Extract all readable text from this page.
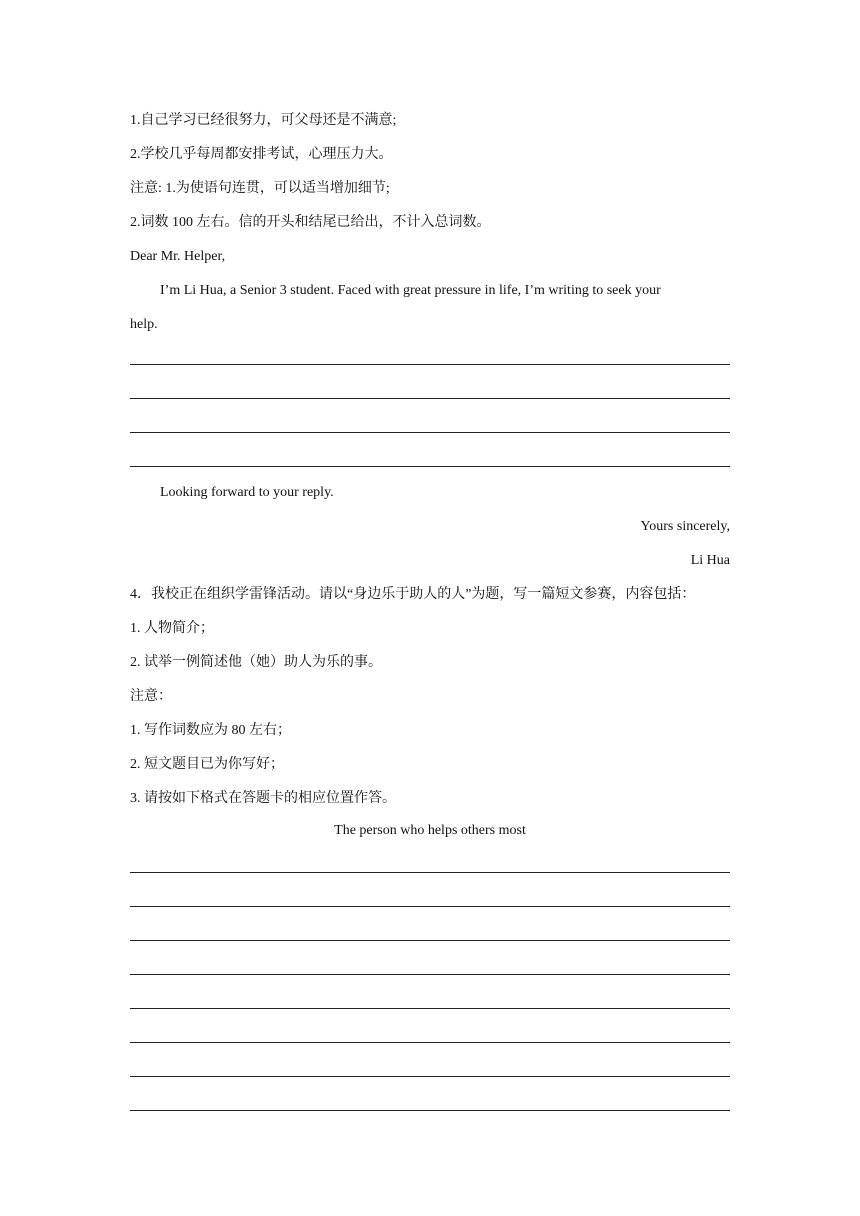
1.自己学习已经很努力，可父母还是不满意;
2.学校几乎每周都安排考试，心理压力大。
注意: 1.为使语句连贯，可以适当增加细节;
2.词数 100 左右。信的开头和结尾已给出，不计入总词数。
Dear Mr. Helper,
I’m Li Hua, a Senior 3 student. Faced with great pressure in life, I’m writing to seek your
help.
Looking forward to your reply.
Yours sincerely,
Li Hua
4．我校正在组织学雷锋活动。请以“身边乐于助人的人”为题，写一篇短文参赛，内容包括：
1. 人物简介；
2. 试举一例简述他（她）助人为乐的事。
注意：
1. 写作词数应为 80 左右；
2. 短文题目已为你写好；
3. 请按如下格式在答题卡的相应位置作答。
The person who helps others most
